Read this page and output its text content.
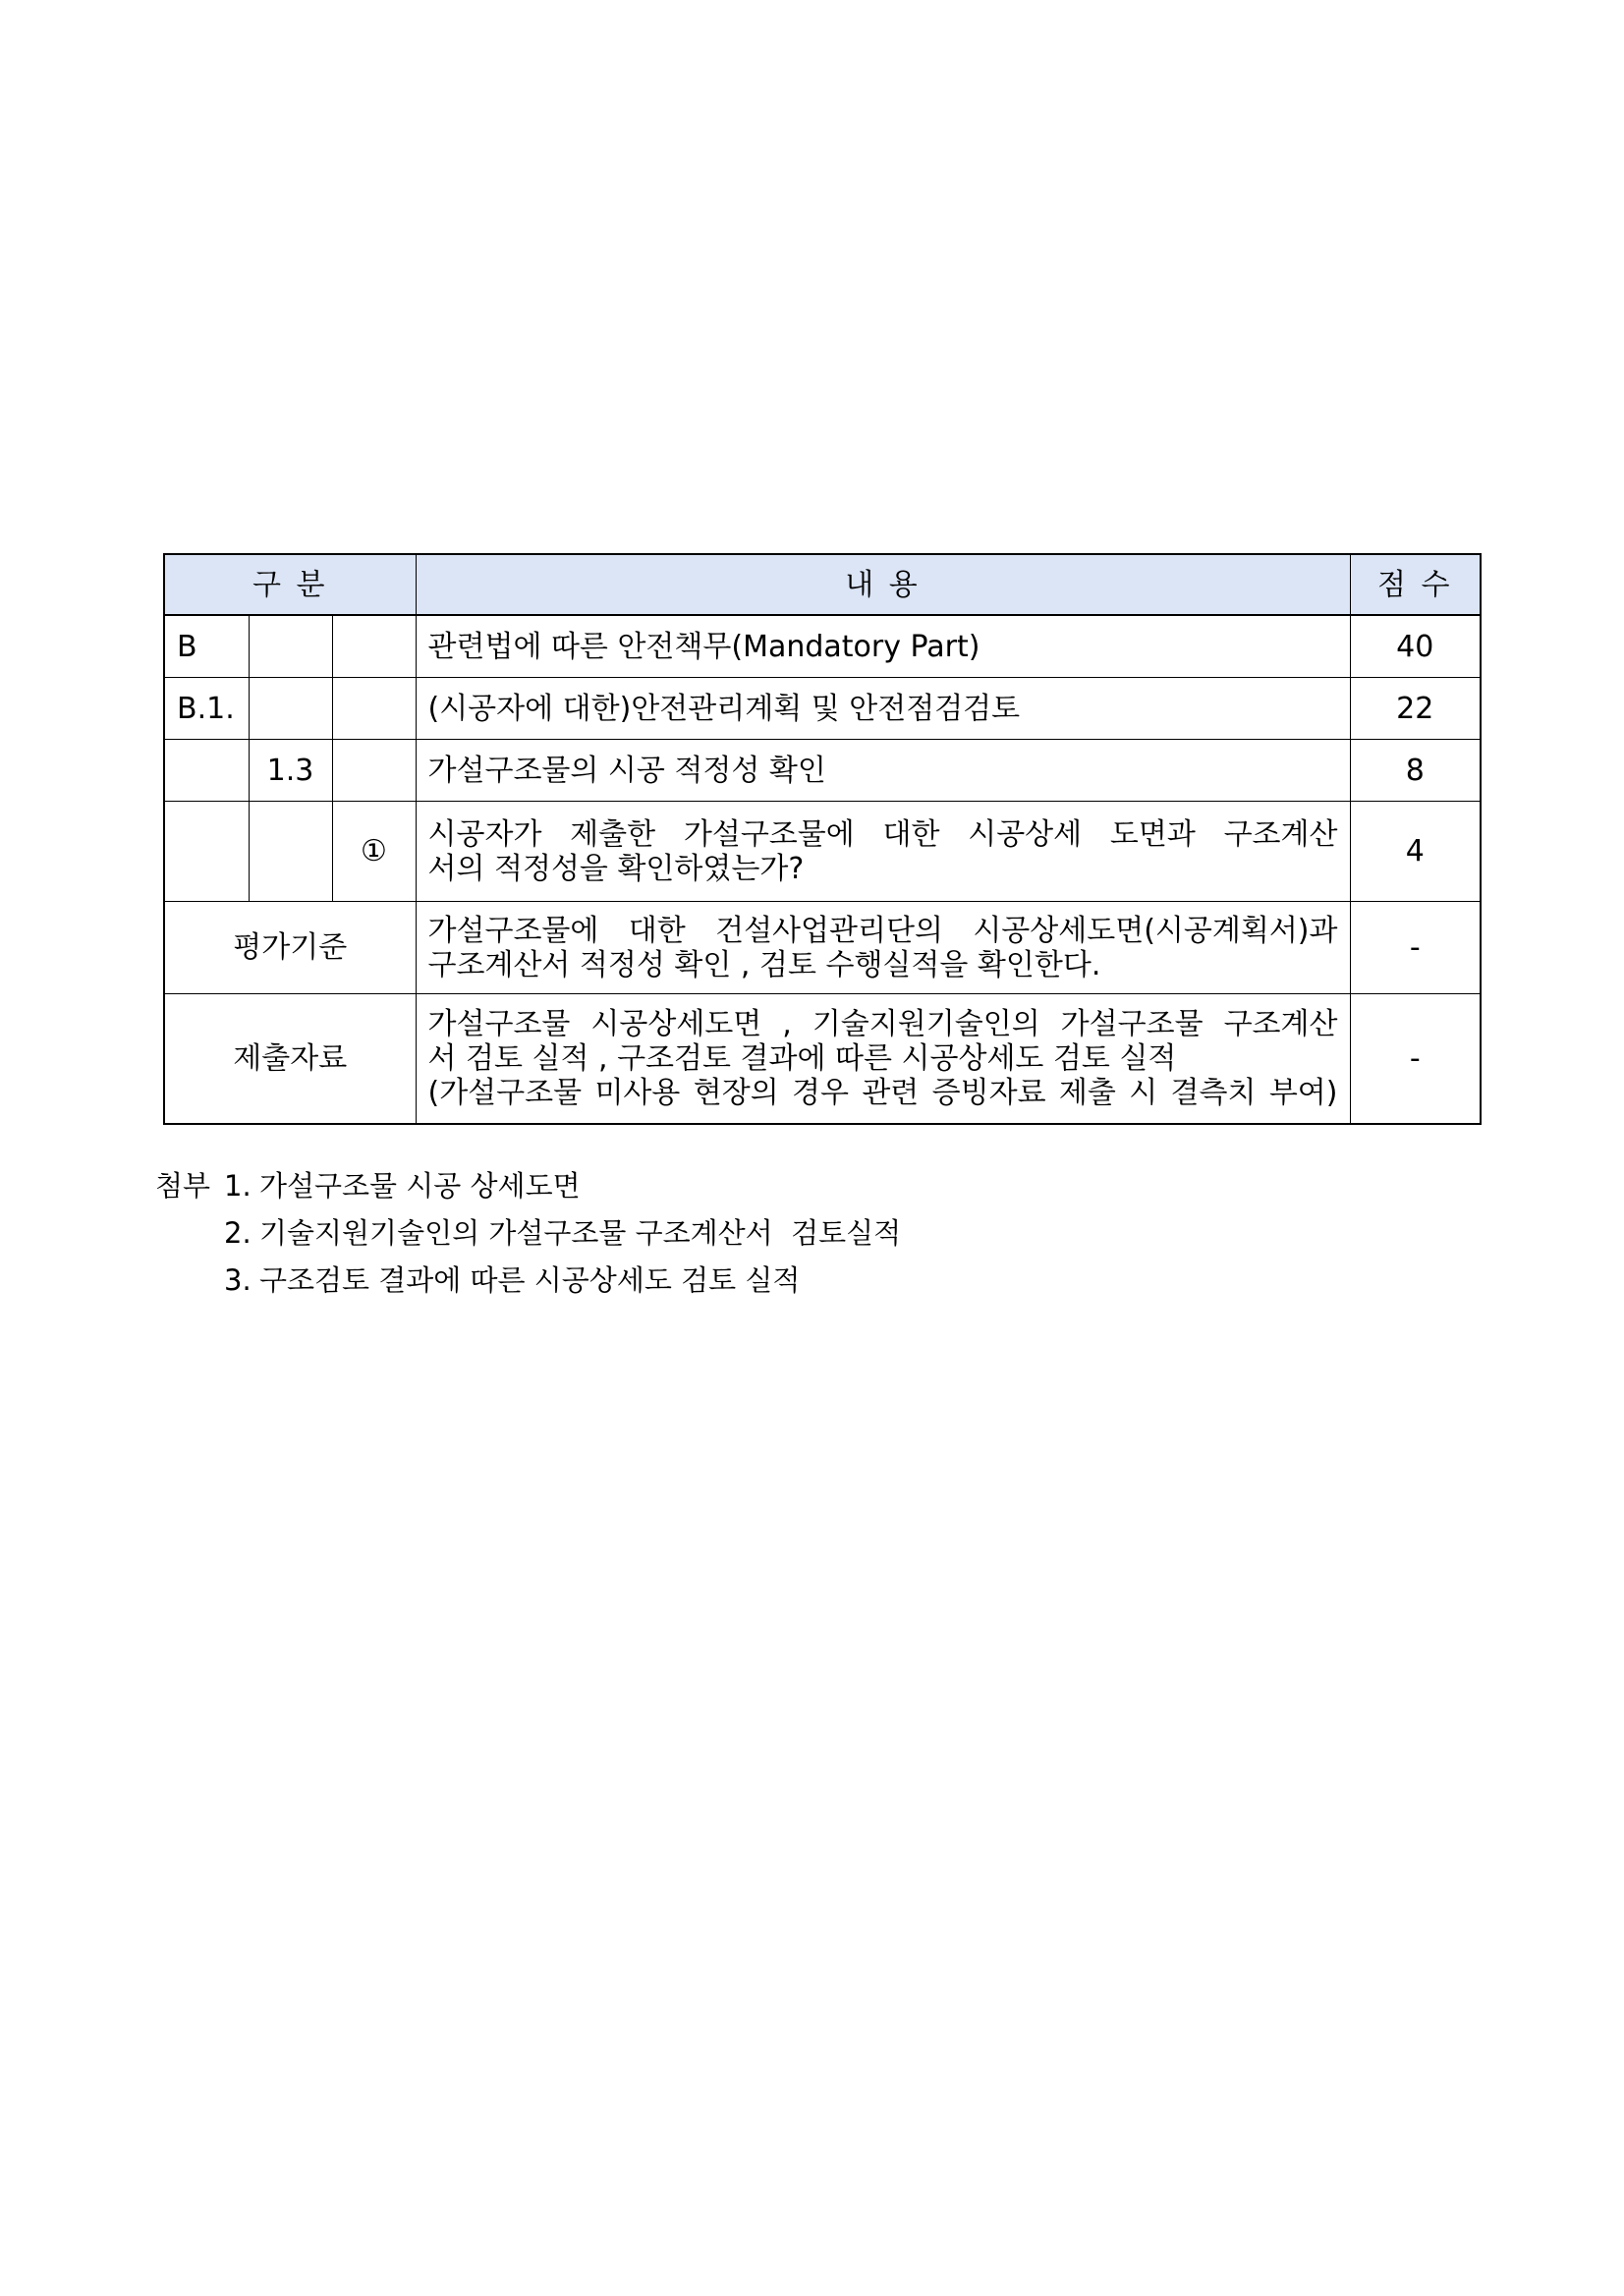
구 분			내 용	점 수
B			관련법에 따른 안전책무(Mandatory Part)	40
B.1.			(시공자에 대한)안전관리계획 및 안전점검검토	22
	1.3		가설구조물의 시공 적정성 확인	8
		①	시공자가 제출한 가설구조물에 대한 시공상세 도면과 구조계산
서의 적정성을 확인하였는가?	4
평가기준			가설구조물에 대한 건설사업관리단의 시공상세도면(시공계획서)과
구조계산서 적정성 확인 , 검토 수행실적을 확인한다.	-
제출자료			가설구조물 시공상세도면 , 기술지원기술인의 가설구조물 구조계산
서 검토 실적 , 구조검토 결과에 따른 시공상세도 검토 실적
(가설구조물 미사용 현장의 경우 관련 증빙자료 제출 시 결측치 부여)	-
첨부 1. 가설구조물 시공 상세도면
2. 기술지원기술인의 가설구조물 구조계산서  검토실적
3. 구조검토 결과에 따른 시공상세도 검토 실적
